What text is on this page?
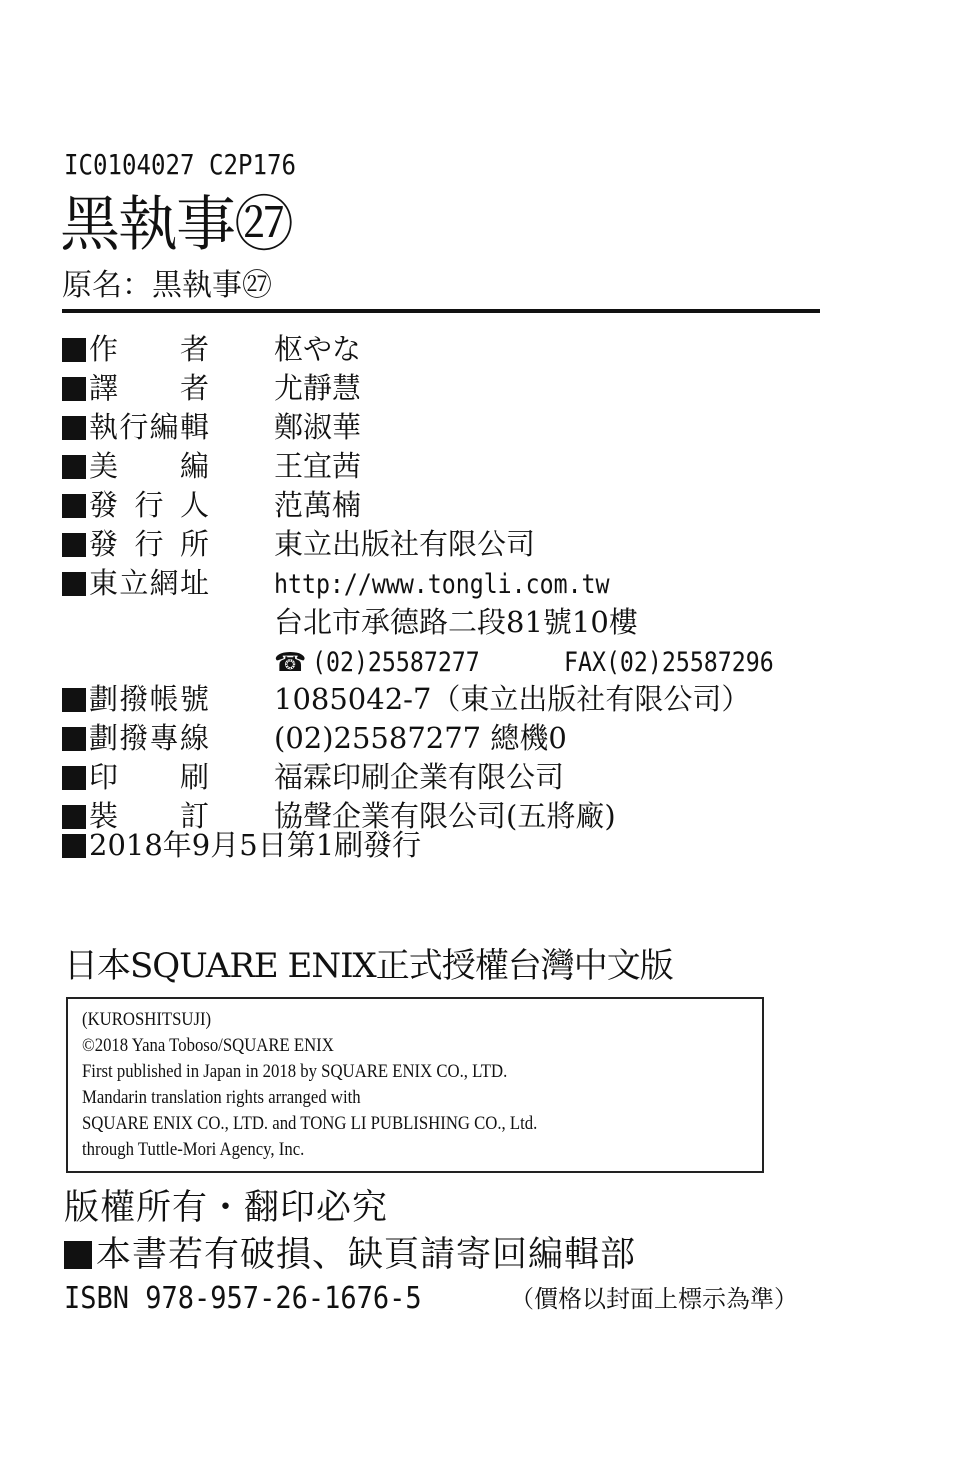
IC0104027 C2P176
黑執事㉗
原名：黒執事㉗
作　　者	枢やな
譯　　者	尤靜慧
執行編輯	鄭淑華
美　　編	王宜茜
發 行 人	范萬楠
發 行 所	東立出版社有限公司
東立網址	http://www.tongli.com.tw
台北市承德路二段81號10樓
☎ (02)25587277	FAX(02)25587296
劃撥帳號	1085042-7（東立出版社有限公司）
劃撥專線	(02)25587277 總機0
印　　刷	福霖印刷企業有限公司
裝　　訂	協聲企業有限公司(五將廠)
2018年9月5日第1刷發行
日本SQUARE ENIX正式授權台灣中文版
(KUROSHITSUJI)
©2018 Yana Toboso/SQUARE ENIX
First published in Japan in 2018 by SQUARE ENIX CO., LTD.
Mandarin translation rights arranged with
SQUARE ENIX CO., LTD. and TONG LI PUBLISHING CO., Ltd.
through Tuttle-Mori Agency, Inc.
版權所有・翻印必究
本書若有破損、缺頁請寄回編輯部
ISBN 978-957-26-1676-5	（價格以封面上標示為準）
